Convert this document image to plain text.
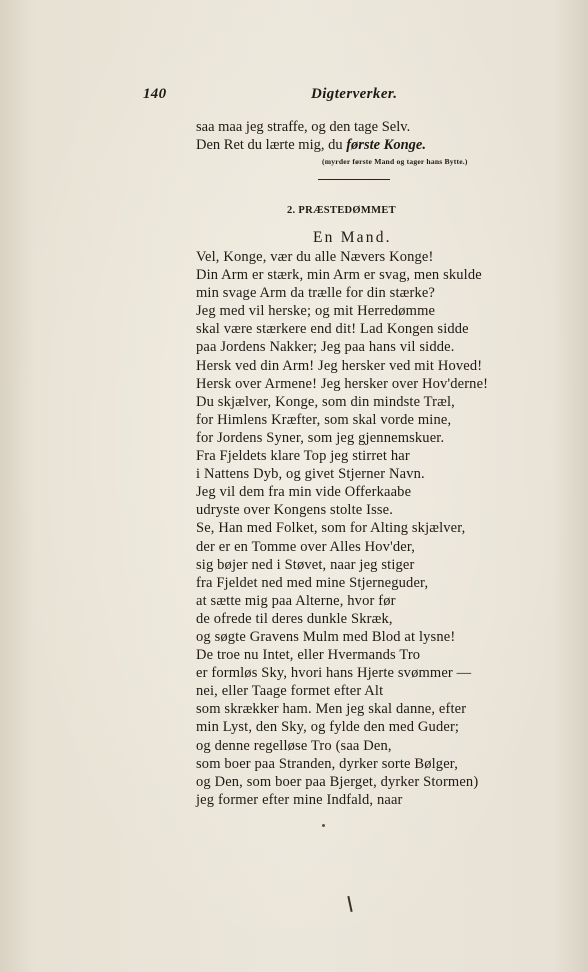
140	Digterverker.
saa maa jeg straffe, og den tage Selv.
Den Ret du lærte mig, du første Konge.
(myrder første Mand og tager hans Bytte.)
2. PRÆSTEDØMMET
En Mand.
Vel, Konge, vær du alle Nævers Konge!
Din Arm er stærk, min Arm er svag, men skulde
min svage Arm da trælle for din stærke?
Jeg med vil herske; og mit Herredømme
skal være stærkere end dit! Lad Kongen sidde
paa Jordens Nakker; Jeg paa hans vil sidde.
Hersk ved din Arm! Jeg hersker ved mit Hoved!
Hersk over Armene! Jeg hersker over Hov'derne!
Du skjælver, Konge, som din mindste Træl,
for Himlens Kræfter, som skal vorde mine,
for Jordens Syner, som jeg gjennemskuer.
Fra Fjeldets klare Top jeg stirret har
i Nattens Dyb, og givet Stjerner Navn.
Jeg vil dem fra min vide Offerkaabe
udryste over Kongens stolte Isse.
Se, Han med Folket, som for Alting skjælver,
der er en Tomme over Alles Hov'der,
sig bøjer ned i Støvet, naar jeg stiger
fra Fjeldet ned med mine Stjerneguder,
at sætte mig paa Alterne, hvor før
de ofrede til deres dunkle Skræk,
og søgte Gravens Mulm med Blod at lysne!
De troe nu Intet, eller Hvermands Tro
er formløs Sky, hvori hans Hjerte svømmer —
nei, eller Taage formet efter Alt
som skrækker ham. Men jeg skal danne, efter
min Lyst, den Sky, og fylde den med Guder;
og denne regelløse Tro (saa Den,
som boer paa Stranden, dyrker sorte Bølger,
og Den, som boer paa Bjerget, dyrker Stormen)
jeg former efter mine Indfald, naar
